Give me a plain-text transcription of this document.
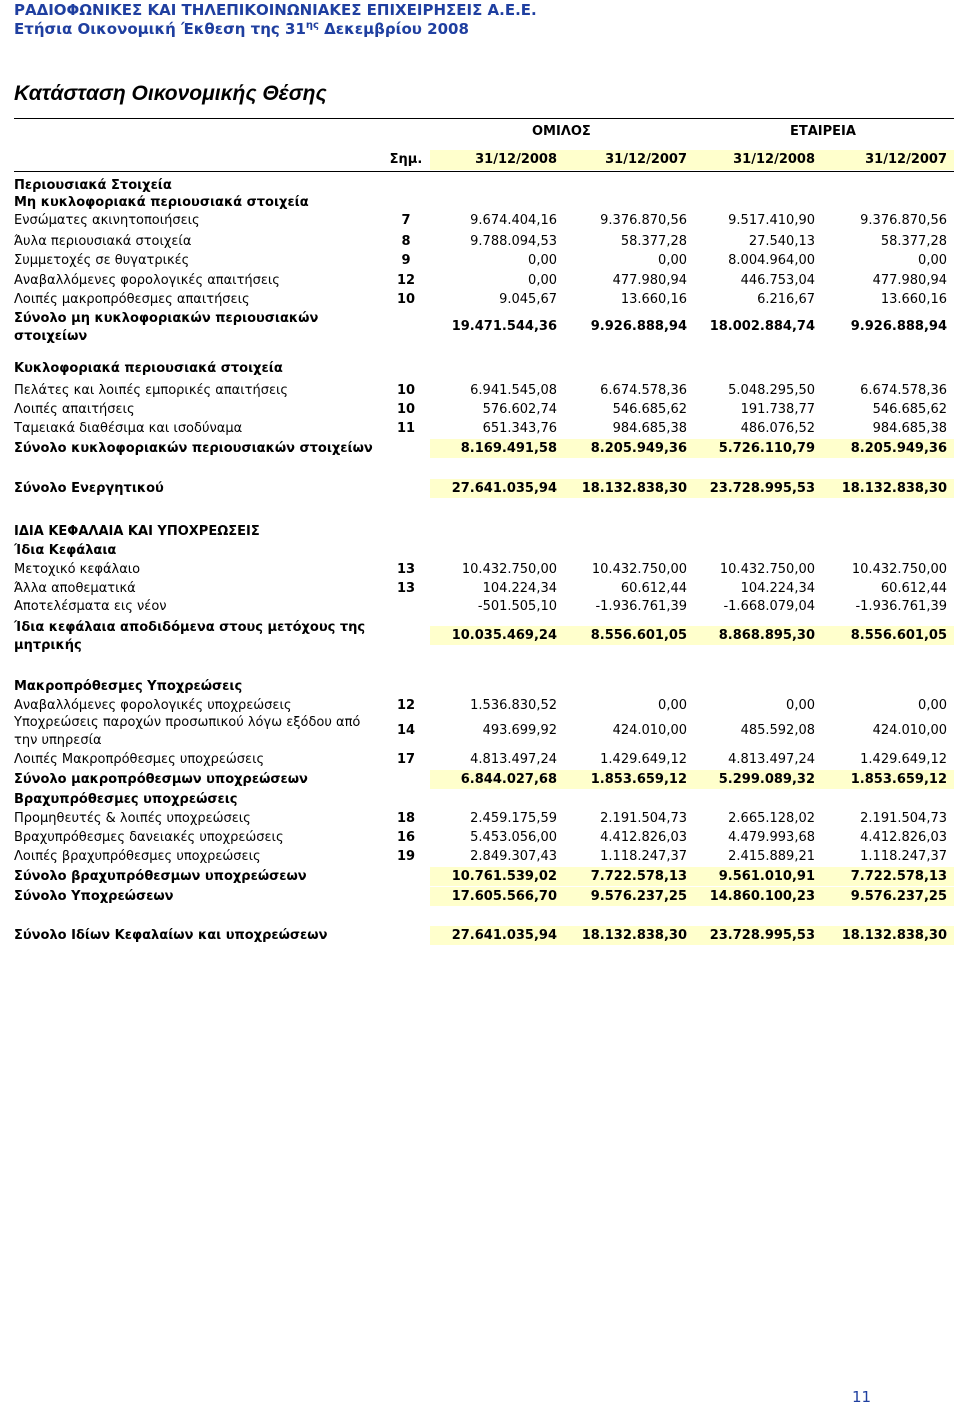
ΡΑΔΙΟΦΩΝΙΚΕΣ ΚΑΙ ΤΗΛΕΠΙΚΟΙΝΩΝΙΑΚΕΣ ΕΠΙΧΕΙΡΗΣΕΙΣ Α.Ε.Ε.
Ετήσια Οικονομική Έκθεση της $31^{\eta\varsigma}$ Δεκεμβρίου 2008
Κατάσταση Οικονομικής Θέσης
ΟΜΙΛΟΣ	ΕΤΑΙΡΕΙΑ
Σημ.	31/12/2008	31/12/2007	31/12/2008	31/12/2007
Περιουσιακά Στοιχεία
Μη κυκλοφοριακά περιουσιακά στοιχεία
Ενσώματες ακινητοποιήσεις	7	9.674.404,16	9.376.870,56	9.517.410,90	9.376.870,56
Άυλα περιουσιακά στοιχεία	8	9.788.094,53	58.377,28	27.540,13	58.377,28
Συμμετοχές σε θυγατρικές	9	0,00	0,00	8.004.964,00	0,00
Αναβαλλόμενες φορολογικές απαιτήσεις	12	0,00	477.980,94	446.753,04	477.980,94
Λοιπές μακροπρόθεσμες απαιτήσεις	10	9.045,67	13.660,16	6.216,67	13.660,16
Σύνολο μη κυκλοφοριακών περιουσιακών στοιχείων
19.471.544,36	9.926.888,94	18.002.884,74	9.926.888,94
Κυκλοφοριακά περιουσιακά στοιχεία
Πελάτες και λοιπές εμπορικές απαιτήσεις	10	6.941.545,08	6.674.578,36	5.048.295,50	6.674.578,36
Λοιπές απαιτήσεις	10	576.602,74	546.685,62	191.738,77	546.685,62
Ταμειακά διαθέσιμα και ισοδύναμα	11	651.343,76	984.685,38	486.076,52	984.685,38
Σύνολο κυκλοφοριακών περιουσιακών στοιχείων	8.169.491,58	8.205.949,36	5.726.110,79	8.205.949,36
Σύνολο Ενεργητικού	27.641.035,94	18.132.838,30	23.728.995,53	18.132.838,30
ΙΔΙΑ ΚΕΦΑΛΑΙΑ ΚΑΙ ΥΠΟΧΡΕΩΣΕΙΣ
Ίδια Κεφάλαια
Μετοχικό κεφάλαιο	13	10.432.750,00	10.432.750,00	10.432.750,00	10.432.750,00
Άλλα αποθεματικά	13	104.224,34	60.612,44	104.224,34	60.612,44
Αποτελέσματα εις νέον	-501.505,10	-1.936.761,39	-1.668.079,04	-1.936.761,39
Ίδια κεφάλαια αποδιδόμενα στους μετόχους της μητρικής
10.035.469,24	8.556.601,05	8.868.895,30	8.556.601,05
Μακροπρόθεσμες Υποχρεώσεις
Αναβαλλόμενες φορολογικές υποχρεώσεις	12	1.536.830,52	0,00	0,00	0,00
Υποχρεώσεις παροχών προσωπικού λόγω εξόδου από την υπηρεσία
14	493.699,92	424.010,00	485.592,08	424.010,00
Λοιπές Μακροπρόθεσμες υποχρεώσεις	17	4.813.497,24	1.429.649,12	4.813.497,24	1.429.649,12
Σύνολο μακροπρόθεσμων υποχρεώσεων	6.844.027,68	1.853.659,12	5.299.089,32	1.853.659,12
Βραχυπρόθεσμες υποχρεώσεις
Προμηθευτές & λοιπές υποχρεώσεις	18	2.459.175,59	2.191.504,73	2.665.128,02	2.191.504,73
Βραχυπρόθεσμες δανειακές υποχρεώσεις	16	5.453.056,00	4.412.826,03	4.479.993,68	4.412.826,03
Λοιπές βραχυπρόθεσμες υποχρεώσεις	19	2.849.307,43	1.118.247,37	2.415.889,21	1.118.247,37
Σύνολο βραχυπρόθεσμων υποχρεώσεων	10.761.539,02	7.722.578,13	9.561.010,91	7.722.578,13
Σύνολο Υποχρεώσεων	17.605.566,70	9.576.237,25	14.860.100,23	9.576.237,25
Σύνολο Ιδίων Κεφαλαίων και υποχρεώσεων	27.641.035,94	18.132.838,30	23.728.995,53	18.132.838,30
11
